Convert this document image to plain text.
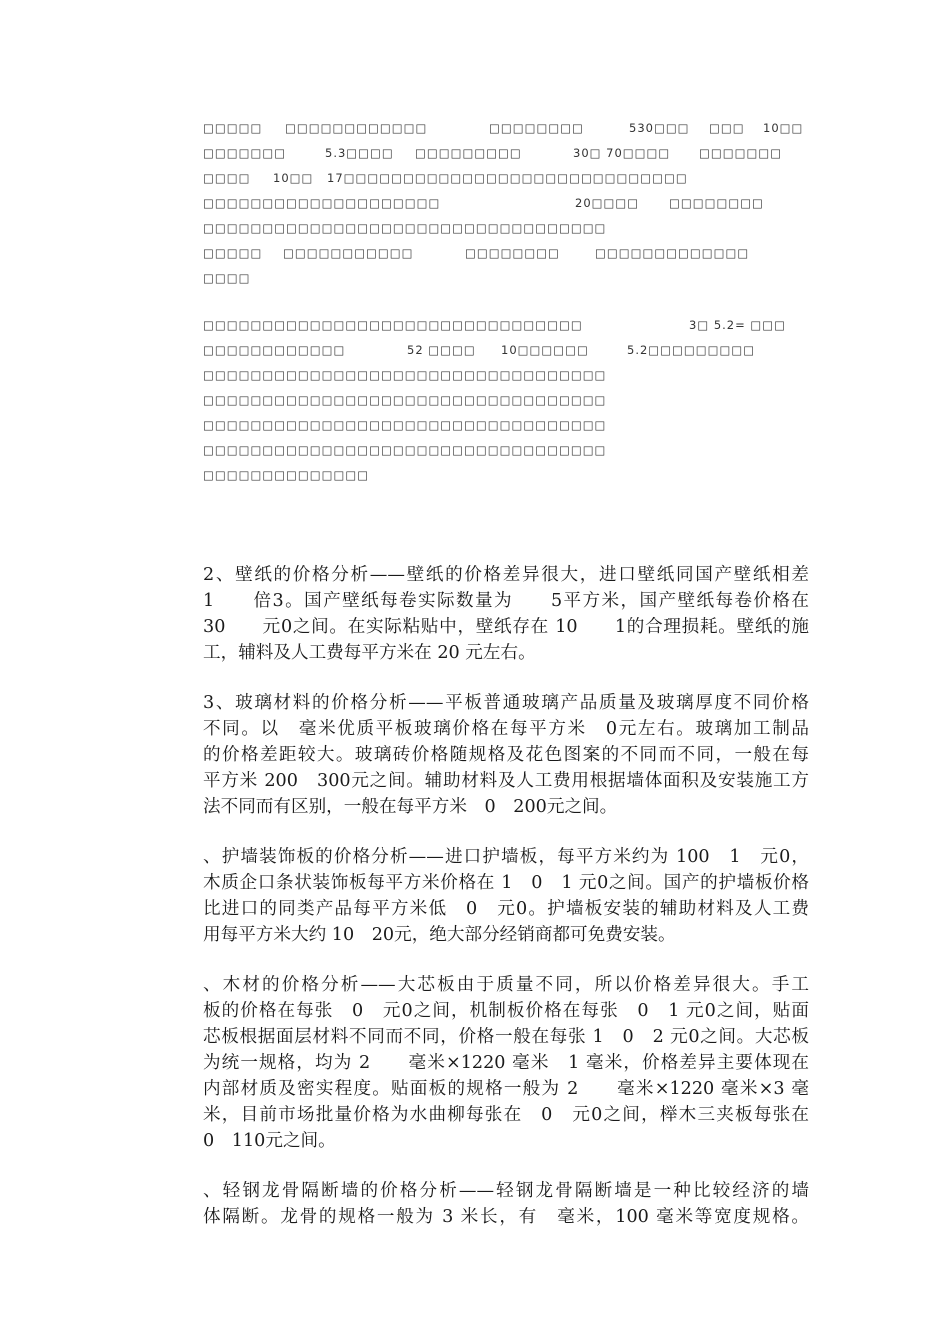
□□□□□ □□□□□□□□□□□□	□□□□□□□□	530□□□ □□□ 10□□
□□□□□□□	5.3□□□□ □□□□□□□□□	30□ 70□□□□	□□□□□□□
□□□□ 10□□ 17□□□□□□□□□□□□□□□□□□□□□□□□□□□□□
□□□□□□□□□□□□□□□□□□□□	20□□□□	□□□□□□□□
□□□□□□□□□□□□□□□□□□□□□□□□□□□□□□□□□□
□□□□□ □□□□□□□□□□□	□□□□□□□□	□□□□□□□□□□□□□
□□□□
□□□□□□□□□□□□□□□□□□□□□□□□□□□□□□□□	3□ 5.2= □□□
□□□□□□□□□□□□	52 □□□□ 10□□□□□□	5.2□□□□□□□□□
□□□□□□□□□□□□□□□□□□□□□□□□□□□□□□□□□□
□□□□□□□□□□□□□□□□□□□□□□□□□□□□□□□□□□
□□□□□□□□□□□□□□□□□□□□□□□□□□□□□□□□□□
□□□□□□□□□□□□□□□□□□□□□□□□□□□□□□□□□□
□□□□□□□□□□□□□□
2、壁纸的价格分析——壁纸的价格差异很大，进口壁纸同国产壁纸相差
1　　倍3。国产壁纸每卷实际数量为　　5平方米，国产壁纸每卷价格在
30　　元0之间。在实际粘贴中，壁纸存在 10　　1的合理损耗。壁纸的施
工，辅料及人工费每平方米在 20 元左右。
3、玻璃材料的价格分析——平板普通玻璃产品质量及玻璃厚度不同价格
不同。以　毫米优质平板玻璃价格在每平方米　0元左右。玻璃加工制品
的价格差距较大。玻璃砖价格随规格及花色图案的不同而不同，一般在每
平方米 200　300元之间。辅助材料及人工费用根据墙体面积及安装施工方
法不同而有区别，一般在每平方米　0　200元之间。
、护墙装饰板的价格分析——进口护墙板，每平方米约为 100　1　元0，
木质企口条状装饰板每平方米价格在 1　0　1 元0之间。国产的护墙板价格
比进口的同类产品每平方米低　0　元0。护墙板安装的辅助材料及人工费
用每平方米大约 10　20元，绝大部分经销商都可免费安装。
、木材的价格分析——大芯板由于质量不同，所以价格差异很大。手工
板的价格在每张　0　元0之间，机制板价格在每张　0　1 元0之间，贴面
芯板根据面层材料不同而不同，价格一般在每张 1　0　2 元0之间。大芯板
为统一规格，均为 2　　毫米×1220 毫米　1 毫米，价格差异主要体现在
内部材质及密实程度。贴面板的规格一般为 2　　毫米×1220 毫米×3 毫
米，目前市场批量价格为水曲柳每张在　0　元0之间，榉木三夹板每张在
0　110元之间。
、轻钢龙骨隔断墙的价格分析——轻钢龙骨隔断墙是一种比较经济的墙
体隔断。龙骨的规格一般为 3 米长，有　毫米，100 毫米等宽度规格。
